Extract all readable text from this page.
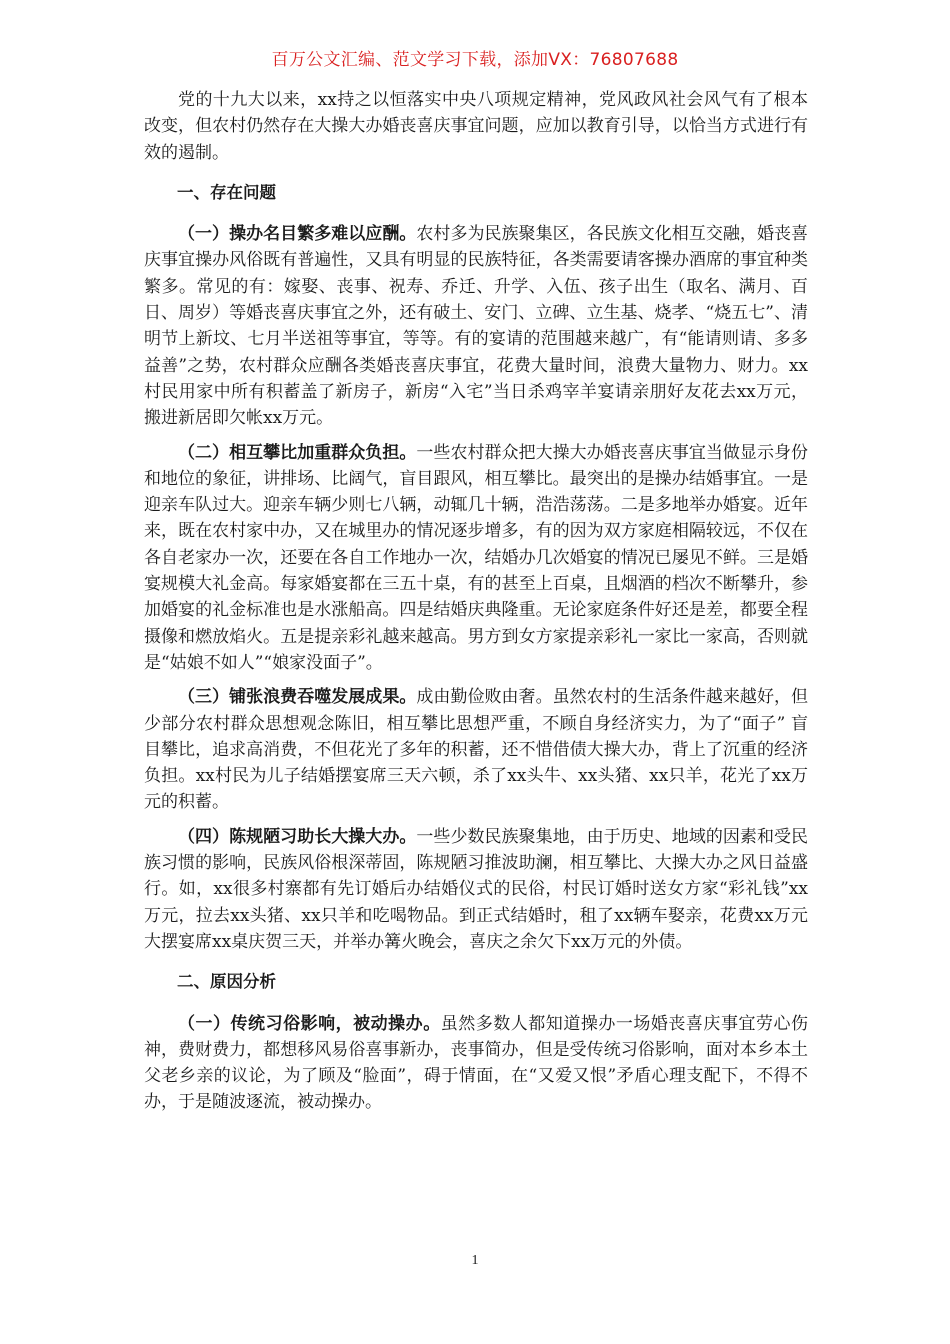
百万公文汇编、范文学习下载，添加VX：76807688

党的十九大以来，xx持之以恒落实中央八项规定精神，党风政风社会风气有了根本改变，但农村仍然存在大操大办婚丧喜庆事宜问题，应加以教育引导，以恰当方式进行有效的遏制。

一、存在问题

（一）操办名目繁多难以应酬。农村多为民族聚集区，各民族文化相互交融，婚丧喜庆事宜操办风俗既有普遍性，又具有明显的民族特征，各类需要请客操办酒席的事宜种类繁多。常见的有：嫁娶、丧事、祝寿、乔迁、升学、入伍、孩子出生（取名、满月、百日、周岁）等婚丧喜庆事宜之外，还有破土、安门、立碑、立生基、烧孝、“烧五七”、清明节上新坟、七月半送祖等事宜，等等。有的宴请的范围越来越广，有“能请则请、多多益善”之势，农村群众应酬各类婚丧喜庆事宜，花费大量时间，浪费大量物力、财力。xx村民用家中所有积蓄盖了新房子，新房“入宅”当日杀鸡宰羊宴请亲朋好友花去xx万元，搬进新居即欠帐xx万元。

（二）相互攀比加重群众负担。一些农村群众把大操大办婚丧喜庆事宜当做显示身份和地位的象征，讲排场、比阔气，盲目跟风，相互攀比。最突出的是操办结婚事宜。一是迎亲车队过大。迎亲车辆少则七八辆，动辄几十辆，浩浩荡荡。二是多地举办婚宴。近年来，既在农村家中办，又在城里办的情况逐步增多，有的因为双方家庭相隔较远，不仅在各自老家办一次，还要在各自工作地办一次，结婚办几次婚宴的情况已屡见不鲜。三是婚宴规模大礼金高。每家婚宴都在三五十桌，有的甚至上百桌，且烟酒的档次不断攀升，参加婚宴的礼金标准也是水涨船高。四是结婚庆典隆重。无论家庭条件好还是差，都要全程摄像和燃放焰火。五是提亲彩礼越来越高。男方到女方家提亲彩礼一家比一家高，否则就是“姑娘不如人”“娘家没面子”。

（三）铺张浪费吞噬发展成果。成由勤俭败由奢。虽然农村的生活条件越来越好，但少部分农村群众思想观念陈旧，相互攀比思想严重，不顾自身经济实力，为了“面子” 盲目攀比，追求高消费，不但花光了多年的积蓄，还不惜借债大操大办，背上了沉重的经济负担。xx村民为儿子结婚摆宴席三天六顿，杀了xx头牛、xx头猪、xx只羊，花光了xx万元的积蓄。

（四）陈规陋习助长大操大办。一些少数民族聚集地，由于历史、地域的因素和受民族习惯的影响，民族风俗根深蒂固，陈规陋习推波助澜，相互攀比、大操大办之风日益盛行。如，xx很多村寨都有先订婚后办结婚仪式的民俗，村民订婚时送女方家“彩礼钱”xx万元，拉去xx头猪、xx只羊和吃喝物品。到正式结婚时，租了xx辆车娶亲，花费xx万元大摆宴席xx桌庆贺三天，并举办篝火晚会，喜庆之余欠下xx万元的外债。

二、原因分析

（一）传统习俗影响，被动操办。虽然多数人都知道操办一场婚丧喜庆事宜劳心伤神，费财费力，都想移风易俗喜事新办，丧事简办，但是受传统习俗影响，面对本乡本土父老乡亲的议论，为了顾及“脸面”，碍于情面，在“又爱又恨”矛盾心理支配下，不得不办，于是随波逐流，被动操办。

1
